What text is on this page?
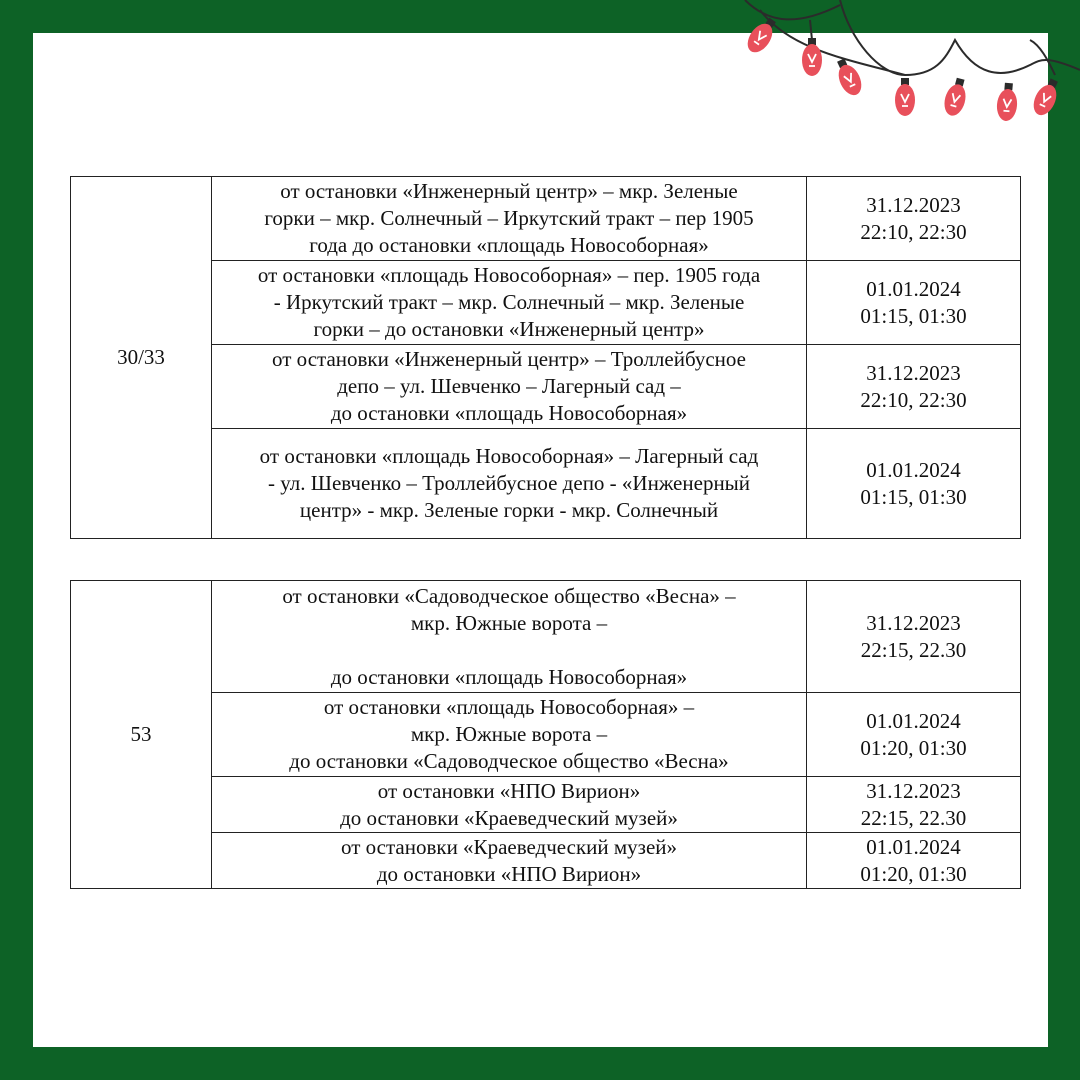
30/33	от остановки «Инженерный центр» – мкр. Зеленые
горки – мкр. Солнечный – Иркутский тракт – пер 1905
года до остановки «площадь Новособорная»	31.12.2023
22:10, 22:30
	от остановки «площадь Новособорная» – пер. 1905 года
- Иркутский тракт – мкр. Солнечный – мкр. Зеленые
горки – до остановки «Инженерный центр»	01.01.2024
01:15, 01:30
	от остановки «Инженерный центр» – Троллейбусное
депо – ул. Шевченко – Лагерный сад –
до остановки «площадь Новособорная»	31.12.2023
22:10, 22:30
	от остановки «площадь Новособорная» – Лагерный сад
- ул. Шевченко – Троллейбусное депо - «Инженерный
центр» - мкр. Зеленые горки - мкр. Солнечный	01.01.2024
01:15, 01:30
53	от остановки «Садоводческое общество «Весна» –
мкр. Южные ворота –

до остановки «площадь Новособорная»	31.12.2023
22:15, 22.30
	от остановки «площадь Новособорная» –
мкр. Южные ворота –
до остановки «Садоводческое общество «Весна»	01.01.2024
01:20, 01:30
	от остановки «НПО Вирион»
до остановки «Краеведческий музей»	31.12.2023
22:15, 22.30
	от остановки «Краеведческий музей»
до остановки «НПО Вирион»	01.01.2024
01:20, 01:30
